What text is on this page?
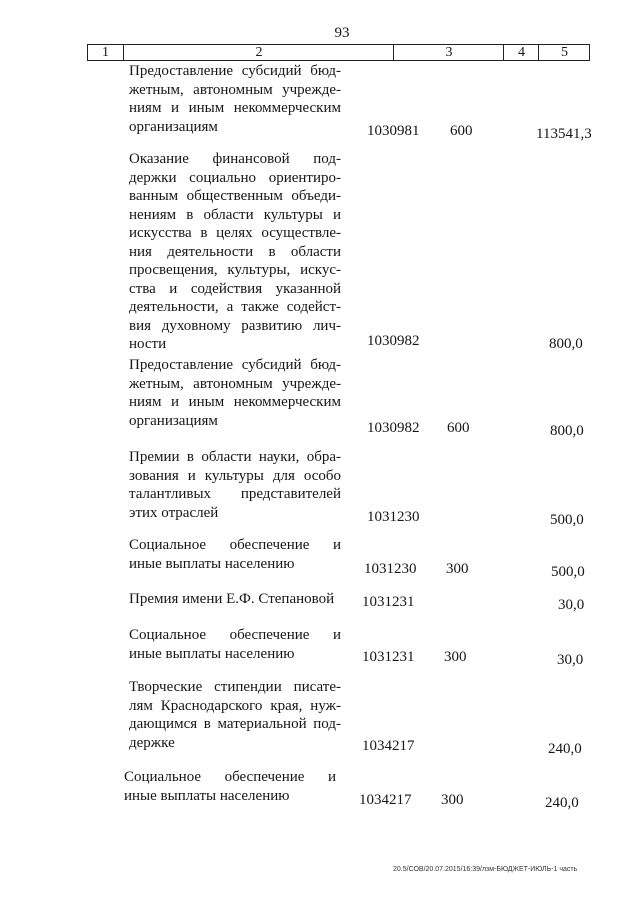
93
1	2	3	4	5
Предоставление субсидий бюд-
жетным, автономным учрежде-
ниям и иным некоммерческим
организациям	1030981 600	113541,3
Оказание финансовой под-
держки социально ориентиро-
ванным общественным объеди-
нениям в области культуры и
искусства в целях осуществле-
ния деятельности в области
просвещения, культуры, искус-
ства и содействия указанной
деятельности, а также содейст-
вия духовному развитию лич-
ности	1030982	800,0
Предоставление субсидий бюд-
жетным, автономным учрежде-
ниям и иным некоммерческим
организациям	1030982 600	800,0
Премии в области науки, обра-
зования и культуры для особо
талантливых представителей
этих отраслей	1031230	500,0
Социальное обеспечение и
иные выплаты населению	1031230 300	500,0
Премия имени Е.Ф. Степановой	1031231	30,0
Социальное обеспечение и
иные выплаты населению	1031231 300	30,0
Творческие стипендии писате-
лям Краснодарского края, нуж-
дающимся в материальной под-
держке	1034217	240,0
Социальное обеспечение и
иные выплаты населению	1034217 300	240,0
20.5/СОВ/20.07.2015/16:39/лзм-БЮДЖЕТ-ИЮЛЬ-1 часть
